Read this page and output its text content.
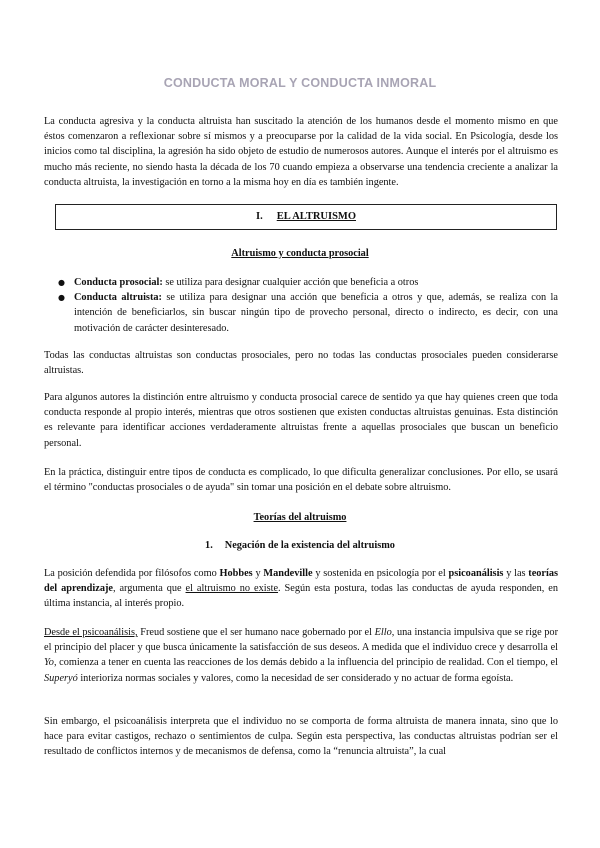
CONDUCTA MORAL Y CONDUCTA INMORAL

La conducta agresiva y la conducta altruista han suscitado la atención de los humanos desde el momento mismo en que éstos comenzaron a reflexionar sobre sí mismos y a preocuparse por la calidad de la vida social. En Psicología, desde los inicios como tal disciplina, la agresión ha sido objeto de estudio de numerosos autores. Aunque el interés por el altruismo es mucho más reciente, no siendo hasta la década de los 70 cuando empieza a observarse una tendencia creciente a analizar la conducta altruista, la investigación en torno a la misma hoy en día es también ingente.

I. EL ALTRUISMO
Altruismo y conducta prosocial
● Conducta prosocial: se utiliza para designar cualquier acción que beneficia a otros
● Conducta altruista: se utiliza para designar una acción que beneficia a otros y que, además, se realiza con la intención de beneficiarlos, sin buscar ningún tipo de provecho personal, directo o indirecto, es decir, con una motivación de carácter desinteresado.

Todas las conductas altruistas son conductas prosociales, pero no todas las conductas prosociales pueden considerarse altruistas.

Para algunos autores la distinción entre altruismo y conducta prosocial carece de sentido ya que hay quienes creen que toda conducta responde al propio interés, mientras que otros sostienen que existen conductas altruistas genuinas. Esta distinción es relevante para identificar acciones verdaderamente altruistas frente a aquellas prosociales que buscan un beneficio personal.

En la práctica, distinguir entre tipos de conducta es complicado, lo que dificulta generalizar conclusiones. Por ello, se usará el término "conductas prosociales o de ayuda" sin tomar una posición en el debate sobre altruismo.

Teorías del altruismo
1. Negación de la existencia del altruismo

La posición defendida por filósofos como Hobbes y Mandeville y sostenida en psicología por el psicoanálisis y las teorías del aprendizaje, argumenta que el altruismo no existe. Según esta postura, todas las conductas de ayuda responden, en última instancia, al interés propio.

Desde el psicoanálisis, Freud sostiene que el ser humano nace gobernado por el Ello, una instancia impulsiva que se rige por el principio del placer y que busca únicamente la satisfacción de sus deseos. A medida que el individuo crece y desarrolla el Yo, comienza a tener en cuenta las reacciones de los demás debido a la influencia del principio de realidad. Con el tiempo, el Superyó interioriza normas sociales y valores, como la necesidad de ser considerado y no actuar de forma egoísta.

Sin embargo, el psicoanálisis interpreta que el individuo no se comporta de forma altruista de manera innata, sino que lo hace para evitar castigos, rechazo o sentimientos de culpa. Según esta perspectiva, las conductas altruistas podrían ser el resultado de conflictos internos y de mecanismos de defensa, como la “renuncia altruista”, la cual
